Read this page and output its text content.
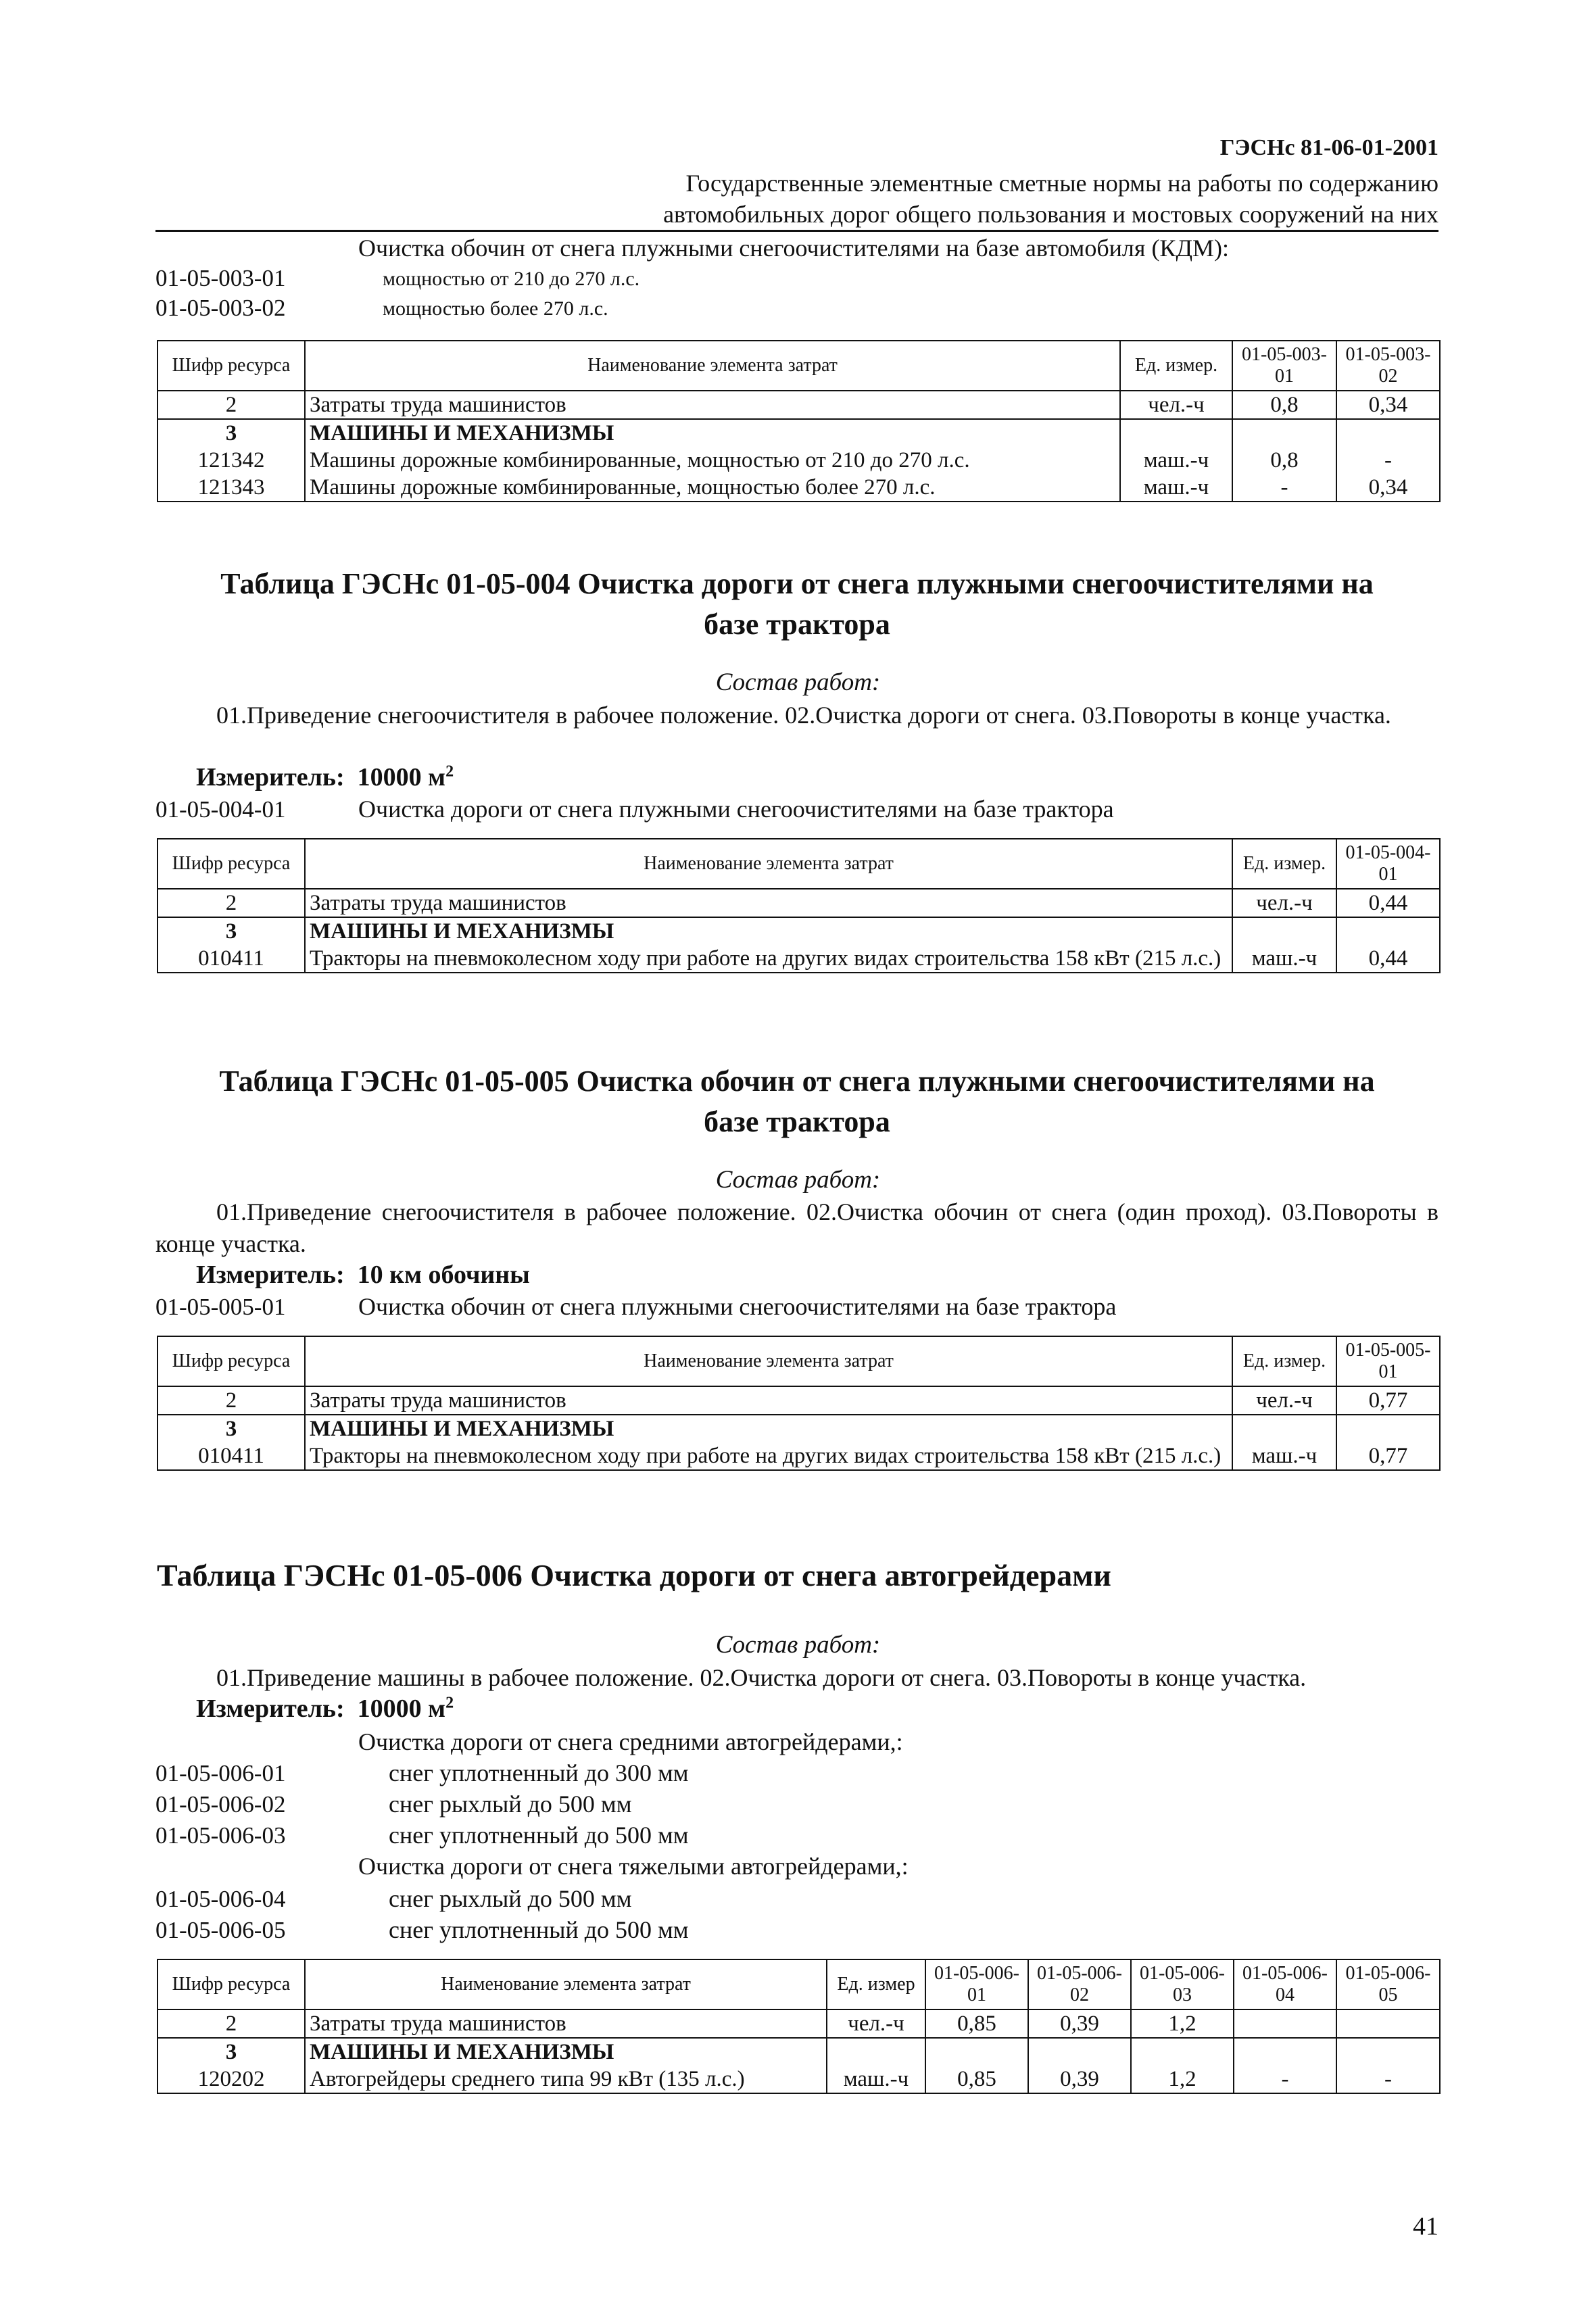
ГЭСНс 81-06-01-2001
Государственные элементные сметные нормы на работы по содержанию
автомобильных дорог общего пользования и мостовых сооружений на них
Очистка обочин от снега плужными снегоочистителями на базе автомобиля (КДМ):
01-05-003-01	мощностью от 210 до 270 л.с.
01-05-003-02	мощностью более 270 л.с.
Шифр ресурса	Наименование элемента затрат	Ед. измер.	01-05-003-01	01-05-003-02
2	Затраты труда машинистов	чел.-ч	0,8	0,34
3	МАШИНЫ И МЕХАНИЗМЫ			
121342	Машины дорожные комбинированные, мощностью от 210 до 270 л.с.	маш.-ч	0,8	-
121343	Машины дорожные комбинированные, мощностью более 270 л.с.	маш.-ч	-	0,34
Таблица ГЭСНс 01-05-004 Очистка дороги от снега плужными снегоочистителями на
базе трактора
Состав работ:
01.Приведение снегоочистителя в рабочее положение. 02.Очистка дороги от снега. 03.Повороты в конце участка.
Измеритель: 10000 $м^2$
01-05-004-01	Очистка дороги от снега плужными снегоочистителями на базе трактора
Шифр ресурса	Наименование элемента затрат	Ед. измер.	01-05-004-01
2	Затраты труда машинистов	чел.-ч	0,44
3	МАШИНЫ И МЕХАНИЗМЫ		
010411	Тракторы на пневмоколесном ходу при работе на других видах строительства 158 кВт (215 л.с.)	маш.-ч	0,44
Таблица ГЭСНс 01-05-005 Очистка обочин от снега плужными снегоочистителями на
базе трактора
Состав работ:
01.Приведение снегоочистителя в рабочее положение. 02.Очистка обочин от снега (один проход). 03.Повороты в конце участка.
Измеритель: 10 км обочины
01-05-005-01	Очистка обочин от снега плужными снегоочистителями на базе трактора
Шифр ресурса	Наименование элемента затрат	Ед. измер.	01-05-005-01
2	Затраты труда машинистов	чел.-ч	0,77
3	МАШИНЫ И МЕХАНИЗМЫ		
010411	Тракторы на пневмоколесном ходу при работе на других видах строительства 158 кВт (215 л.с.)	маш.-ч	0,77
Таблица ГЭСНс 01-05-006 Очистка дороги от снега автогрейдерами
Состав работ:
01.Приведение машины в рабочее положение. 02.Очистка дороги от снега. 03.Повороты в конце участка.
Измеритель: 10000 $м^2$
Очистка дороги от снега средними автогрейдерами,:
01-05-006-01	снег уплотненный до 300 мм
01-05-006-02	снег рыхлый до 500 мм
01-05-006-03	снег уплотненный до 500 мм
Очистка дороги от снега тяжелыми автогрейдерами,:
01-05-006-04	снег рыхлый до 500 мм
01-05-006-05	снег уплотненный до 500 мм
Шифр ресурса	Наименование элемента затрат	Ед. измер	01-05-006-01	01-05-006-02	01-05-006-03	01-05-006-04	01-05-006-05
2	Затраты труда машинистов	чел.-ч	0,85	0,39	1,2		
3	МАШИНЫ И МЕХАНИЗМЫ						
120202	Автогрейдеры среднего типа 99 кВт (135 л.с.)	маш.-ч	0,85	0,39	1,2	-	-
41
